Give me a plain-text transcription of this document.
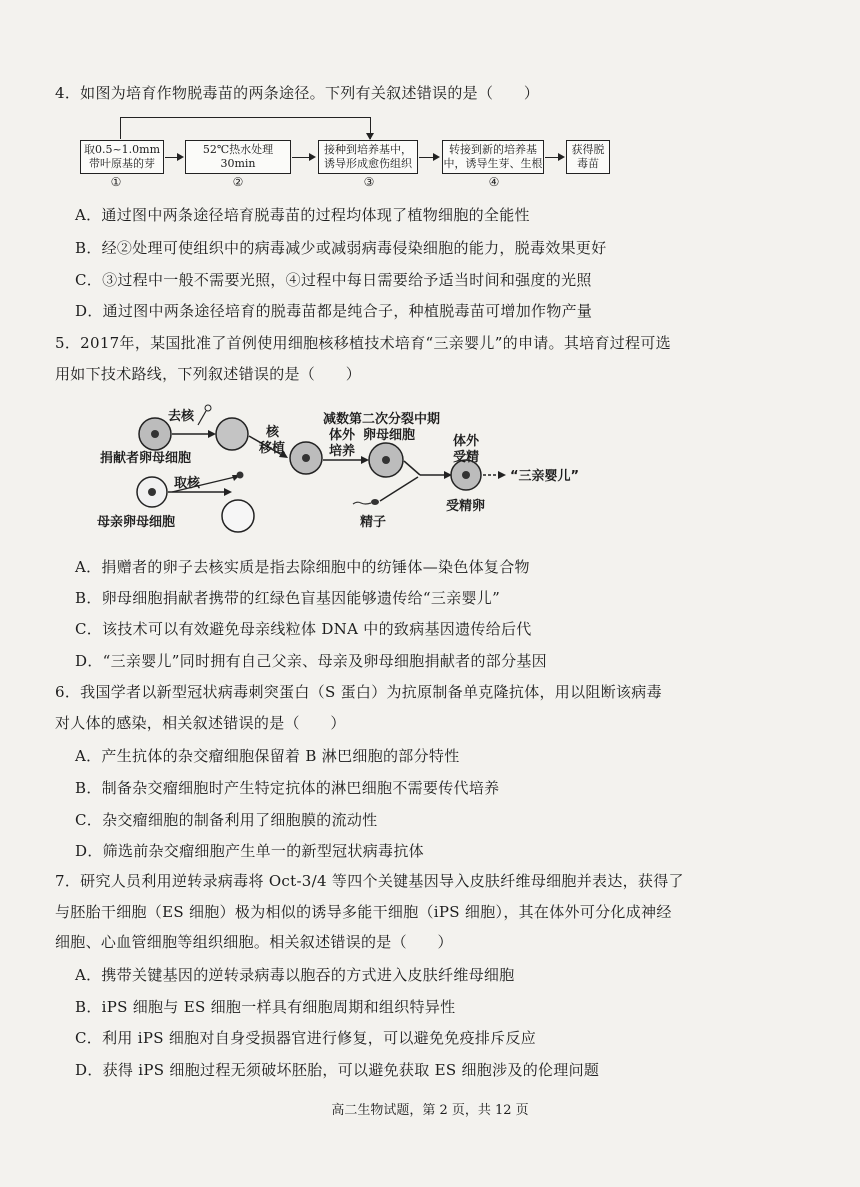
4．如图为培育作物脱毒苗的两条途径。下列有关叙述错误的是（　　）
取0.5~1.0mm带叶原基的芽
52℃热水处理30min
接种到培养基中，诱导形成愈伤组织
转接到新的培养基中，诱导生芽、生根
获得脱毒苗
①	②	③	④
A．通过图中两条途径培育脱毒苗的过程均体现了植物细胞的全能性
B．经②处理可使组织中的病毒减少或减弱病毒侵染细胞的能力，脱毒效果更好
C．③过程中一般不需要光照，④过程中每日需要给予适当时间和强度的光照
D．通过图中两条途径培育的脱毒苗都是纯合子，种植脱毒苗可增加作物产量
5．2017年，某国批准了首例使用细胞核移植技术培育“三亲婴儿”的申请。其培育过程可选
用如下技术路线，下列叙述错误的是（　　）
去核
捐献者卵母细胞
取核
母亲卵母细胞
核
移植
减数第二次分裂中期
体外
培养
卵母细胞	体外
受精
精子
受精卵
“三亲婴儿”
A．捐赠者的卵子去核实质是指去除细胞中的纺锤体—染色体复合物
B．卵母细胞捐献者携带的红绿色盲基因能够遗传给“三亲婴儿”
C．该技术可以有效避免母亲线粒体 DNA 中的致病基因遗传给后代
D．“三亲婴儿”同时拥有自己父亲、母亲及卵母细胞捐献者的部分基因
6．我国学者以新型冠状病毒刺突蛋白（S 蛋白）为抗原制备单克隆抗体，用以阻断该病毒
对人体的感染，相关叙述错误的是（　　）
A．产生抗体的杂交瘤细胞保留着 B 淋巴细胞的部分特性
B．制备杂交瘤细胞时产生特定抗体的淋巴细胞不需要传代培养
C．杂交瘤细胞的制备利用了细胞膜的流动性
D．筛选前杂交瘤细胞产生单一的新型冠状病毒抗体
7．研究人员利用逆转录病毒将 Oct-3/4 等四个关键基因导入皮肤纤维母细胞并表达，获得了
与胚胎干细胞（ES 细胞）极为相似的诱导多能干细胞（iPS 细胞），其在体外可分化成神经
细胞、心血管细胞等组织细胞。相关叙述错误的是（　　）
A．携带关键基因的逆转录病毒以胞吞的方式进入皮肤纤维母细胞
B．iPS 细胞与 ES 细胞一样具有细胞周期和组织特异性
C．利用 iPS 细胞对自身受损器官进行修复，可以避免免疫排斥反应
D．获得 iPS 细胞过程无须破坏胚胎，可以避免获取 ES 细胞涉及的伦理问题
高二生物试题，第 2 页，共 12 页
